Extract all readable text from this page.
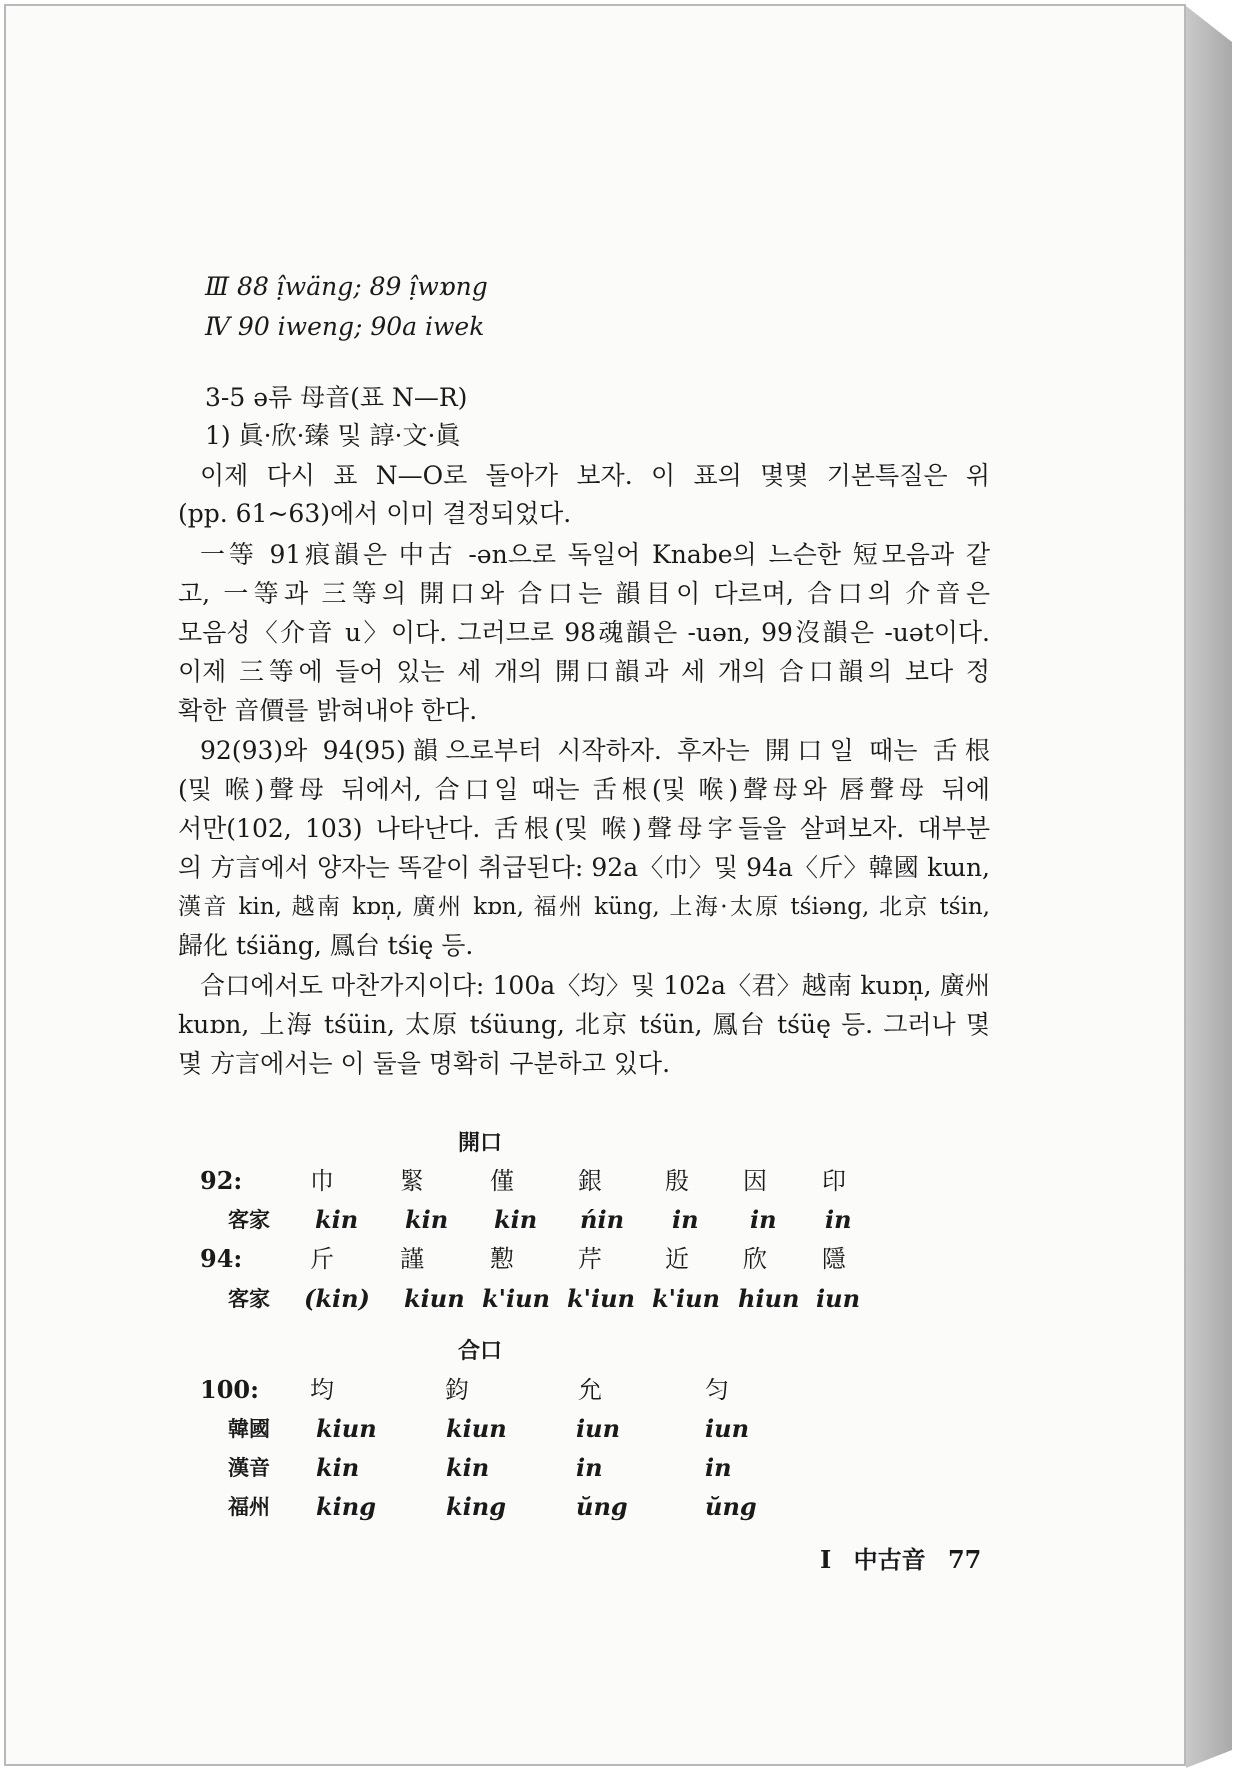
Ⅲ 88 ị̂wäng; 89 ị̂wɒng
Ⅳ 90 iweng; 90a iwek
3-5 ə류 母音(표 N—R)
1) 眞·欣·臻 및 諄·文·眞
이제 다시 표 N—O로 돌아가 보자. 이 표의 몇몇 기본특질은 위
(pp. 61~63)에서 이미 결정되었다.
一等 91痕韻은 中古 -ən으로 독일어 Knabe의 느슨한 短모음과 같
고, 一等과 三等의 開口와 合口는 韻目이 다르며, 合口의 介音은
모음성〈介音 u〉이다. 그러므로 98魂韻은 -uən, 99沒韻은 -uət이다.
이제 三等에 들어 있는 세 개의 開口韻과 세 개의 合口韻의 보다 정
확한 音價를 밝혀내야 한다.
92(93)와 94(95)韻으로부터 시작하자. 후자는 開口일 때는 舌根
(및 喉)聲母 뒤에서, 合口일 때는 舌根(및 喉)聲母와 唇聲母 뒤에
서만(102, 103) 나타난다. 舌根(및 喉)聲母字들을 살펴보자. 대부분
의 方言에서 양자는 똑같이 취급된다: 92a〈巾〉및 94a〈斤〉韓國 kɯn,
漢音 kin, 越南 kɒn̩, 廣州 kɒn, 福州 küng, 上海·太原 tśiəng, 北京 tśin,
歸化 tśiäng, 鳳台 tśię̣ 등.
合口에서도 마찬가지이다: 100a〈均〉및 102a〈君〉越南 kuɒn̩, 廣州
kuɒn, 上海 tśüin, 太原 tśüung, 北京 tśün, 鳳台 tśüę̣ 등. 그러나 몇
몇 方言에서는 이 둘을 명확히 구분하고 있다.
開口
92:	巾	緊	僅	銀	殷 因 印
客家 kin kin kin ńin in in in
94:	斤	謹	懃	芹	近 欣 隱
客家 (kin) kiun k'iun k'iun k'iun hiun iun
合口
100: 均	鈞	允	匀
韓國 kiun	kiun	iun	iun
漢音 kin	kin	in	in
福州 king	king	ŭng	ŭng
I 中古音 77
